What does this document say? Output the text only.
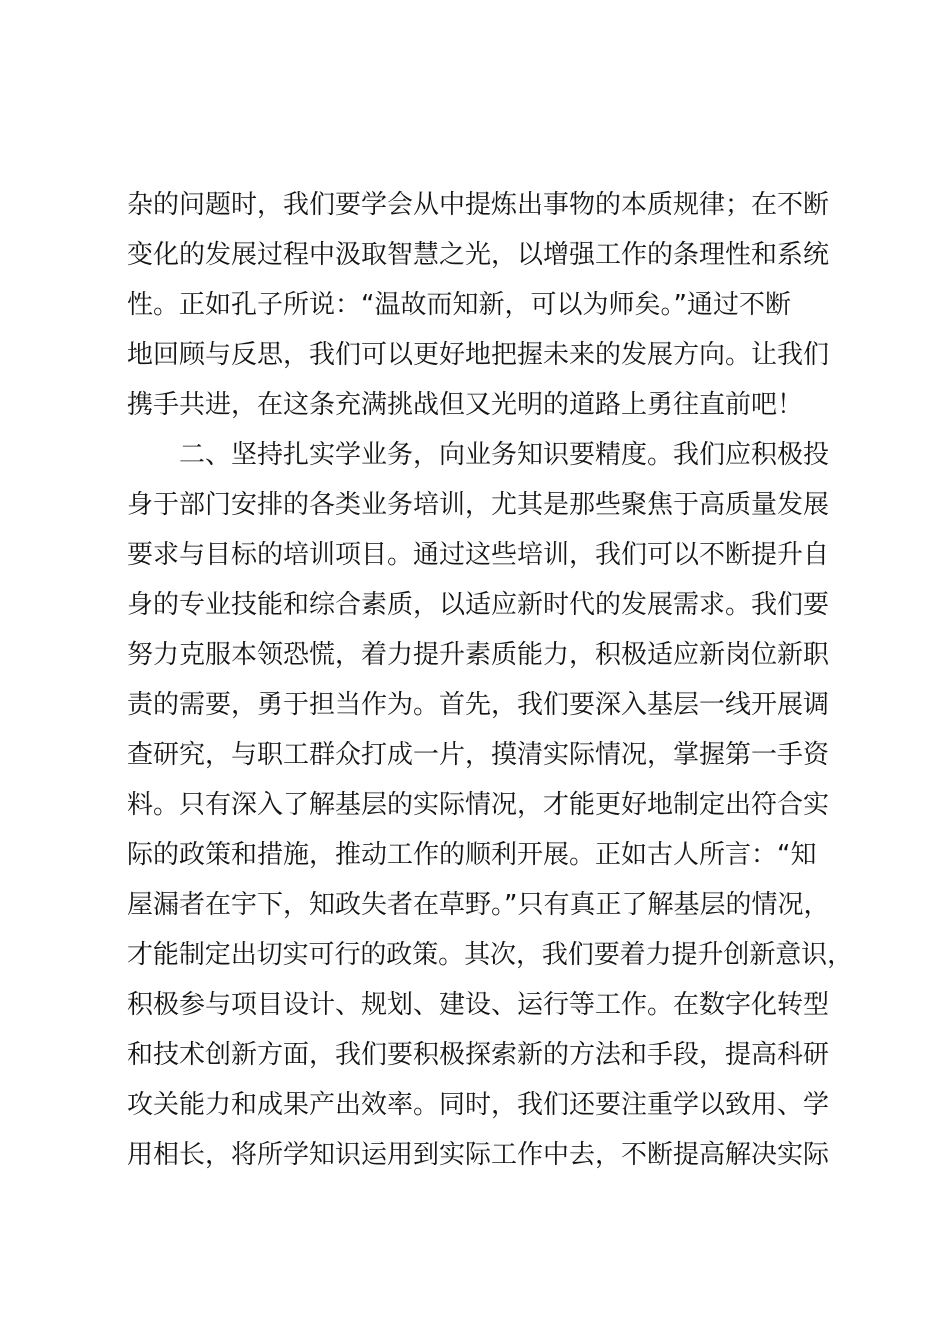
杂的问题时，我们要学会从中提炼出事物的本质规律；在不断
变化的发展过程中汲取智慧之光，以增强工作的条理性和系统
性。正如孔子所说：“温故而知新，可以为师矣。”通过不断
地回顾与反思，我们可以更好地把握未来的发展方向。让我们
携手共进，在这条充满挑战但又光明的道路上勇往直前吧！
二、坚持扎实学业务，向业务知识要精度。我们应积极投
身于部门安排的各类业务培训，尤其是那些聚焦于高质量发展
要求与目标的培训项目。通过这些培训，我们可以不断提升自
身的专业技能和综合素质，以适应新时代的发展需求。我们要
努力克服本领恐慌，着力提升素质能力，积极适应新岗位新职
责的需要，勇于担当作为。首先，我们要深入基层一线开展调
查研究，与职工群众打成一片，摸清实际情况，掌握第一手资
料。只有深入了解基层的实际情况，才能更好地制定出符合实
际的政策和措施，推动工作的顺利开展。正如古人所言：“知
屋漏者在宇下，知政失者在草野。”只有真正了解基层的情况，
才能制定出切实可行的政策。其次，我们要着力提升创新意识，
积极参与项目设计、规划、建设、运行等工作。在数字化转型
和技术创新方面，我们要积极探索新的方法和手段，提高科研
攻关能力和成果产出效率。同时，我们还要注重学以致用、学
用相长，将所学知识运用到实际工作中去，不断提高解决实际
